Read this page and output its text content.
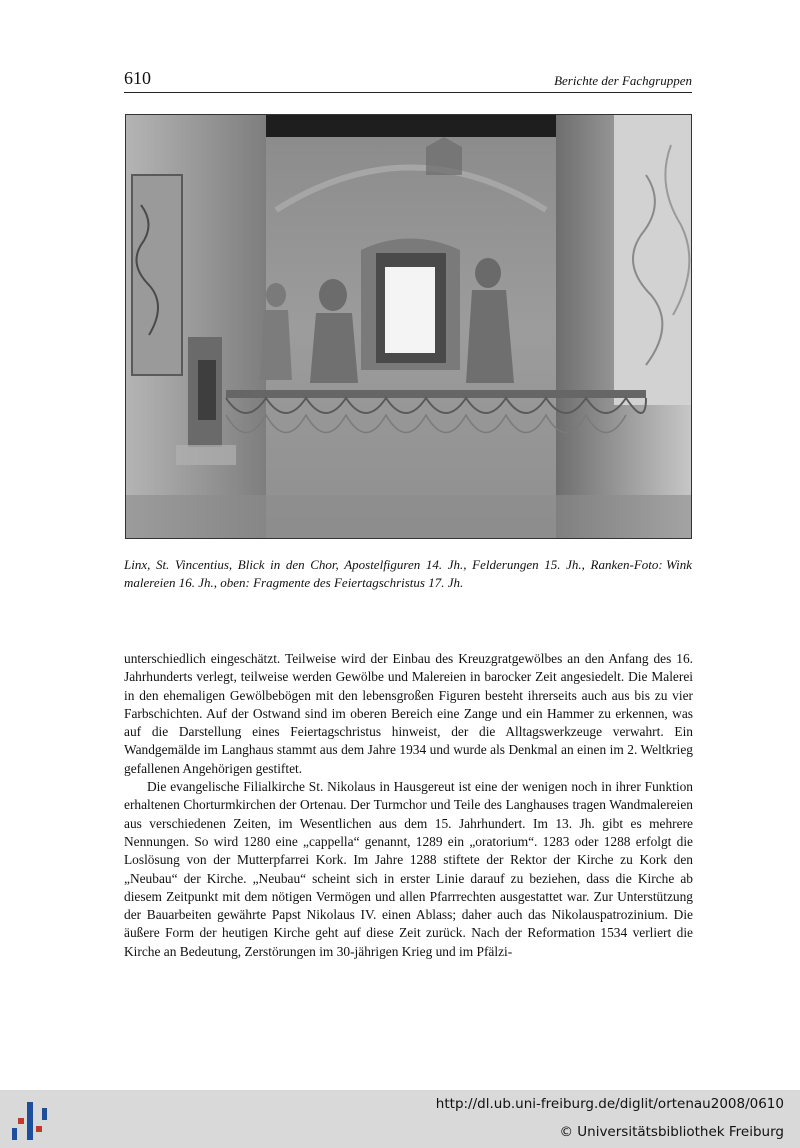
610	Berichte der Fachgruppen
Foto: Wink
Linx, St. Vincentius, Blick in den Chor, Apostelfiguren 14. Jh., Felderungen 15. Jh., Rankenmalereien 16. Jh., oben: Fragmente des Feiertagschristus 17. Jh.

unterschiedlich eingeschätzt. Teilweise wird der Einbau des Kreuzgratgewölbes an den Anfang des 16. Jahrhunderts verlegt, teilweise werden Gewölbe und Malereien in barocker Zeit angesiedelt. Die Malerei in den ehemaligen Gewölbebögen mit den lebensgroßen Figuren besteht ihrerseits auch aus bis zu vier Farbschichten. Auf der Ostwand sind im oberen Bereich eine Zange und ein Hammer zu erkennen, was auf die Darstellung eines Feiertagschristus hinweist, der die Alltagswerkzeuge verwahrt. Ein Wandgemälde im Langhaus stammt aus dem Jahre 1934 und wurde als Denkmal an einen im 2. Weltkrieg gefallenen Angehörigen gestiftet.

Die evangelische Filialkirche St. Nikolaus in Hausgereut ist eine der wenigen noch in ihrer Funktion erhaltenen Chorturmkirchen der Ortenau. Der Turmchor und Teile des Langhauses tragen Wandmalereien aus verschiedenen Zeiten, im Wesentlichen aus dem 15. Jahrhundert. Im 13. Jh. gibt es mehrere Nennungen. So wird 1280 eine „cappella“ genannt, 1289 ein „oratorium“. 1283 oder 1288 erfolgt die Loslösung von der Mutterpfarrei Kork. Im Jahre 1288 stiftete der Rektor der Kirche zu Kork den „Neubau“ der Kirche. „Neubau“ scheint sich in erster Linie darauf zu beziehen, dass die Kirche ab diesem Zeitpunkt mit dem nötigen Vermögen und allen Pfarrrechten ausgestattet war. Zur Unterstützung der Bauarbeiten gewährte Papst Nikolaus IV. einen Ablass; daher auch das Nikolauspatrozinium. Die äußere Form der heutigen Kirche geht auf diese Zeit zurück. Nach der Reformation 1534 verliert die Kirche an Bedeutung, Zerstörungen im 30-jährigen Krieg und im Pfälzi-

http://dl.ub.uni-freiburg.de/diglit/ortenau2008/0610
© Universitätsbibliothek Freiburg
